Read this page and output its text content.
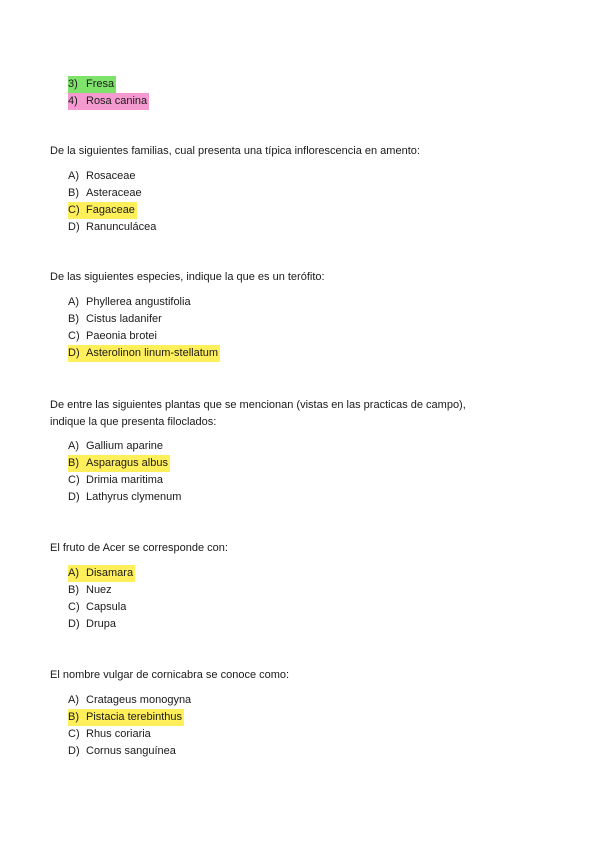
3) Fresa
4) Rosa canina

De la siguientes familias, cual presenta una típica inflorescencia en amento:

A) Rosaceae
B) Asteraceae
C) Fagaceae
D) Ranunculácea

De las siguientes especies, indique la que es un terófito:

A) Phyllerea angustifolia
B) Cistus ladanifer
C) Paeonia brotei
D) Asterolinon linum-stellatum

De entre las siguientes plantas que se mencionan (vistas en las practicas de campo),

indique la que presenta filoclados:

A) Gallium aparine
B) Asparagus albus
C) Drimia maritima
D) Lathyrus clymenum

El fruto de Acer se corresponde con:

A) Disamara
B) Nuez
C) Capsula
D) Drupa

El nombre vulgar de cornicabra se conoce como:

A) Cratageus monogyna
B) Pistacia terebinthus
C) Rhus coriaria
D) Cornus sanguínea
